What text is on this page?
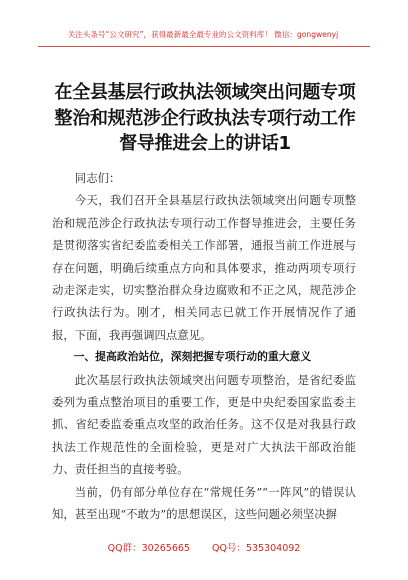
关注头条号“公文研究”，获得最新最全最专业的公文资料库！ 微信：gongwenyj
在全县基层行政执法领域突出问题专项整治和规范涉企行政执法专项行动工作督导推进会上的讲话1

同志们：

今天，我们召开全县基层行政执法领域突出问题专项整治和规范涉企行政执法专项行动工作督导推进会，主要任务是贯彻落实省纪委监委相关工作部署，通报当前工作进展与存在问题，明确后续重点方向和具体要求，推动两项专项行动走深走实，切实整治群众身边腐败和不正之风，规范涉企行政执法行为。刚才，相关同志已就工作开展情况作了通报，下面，我再强调四点意见。

一、提高政治站位，深刻把握专项行动的重大意义

此次基层行政执法领域突出问题专项整治，是省纪委监委列为重点整治项目的重要工作，更是中央纪委国家监委主抓、省纪委监委重点攻坚的政治任务。这不仅是对我县行政执法工作规范性的全面检验，更是对广大执法干部政治能力、责任担当的直接考验。

当前，仍有部分单位存在“常规任务”“一阵风”的错误认知，甚至出现“不敢为”的思想误区，这些问题必须坚决摒

QQ群：30265665 QQ号：535304092
